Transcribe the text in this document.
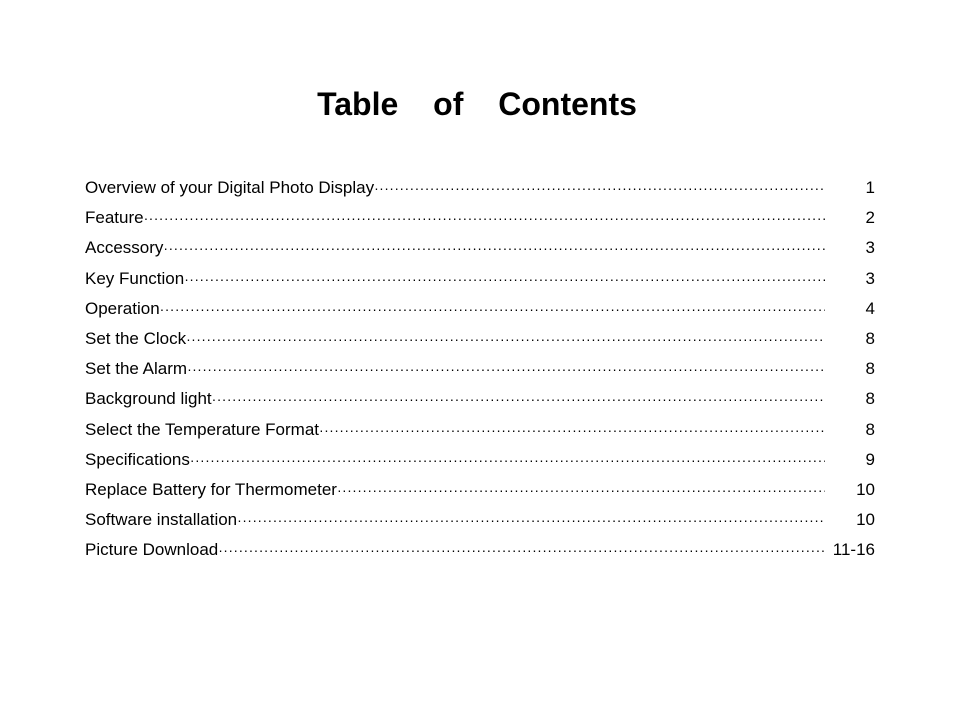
Table of Contents
Overview of your Digital Photo Display ·····	1
Feature ·····	2
Accessory ·····	3
Key Function ·····	3
Operation ·····	4
Set the Clock ·····	8
Set the Alarm ·····	8
Background light ·····	8
Select the Temperature Format ·····	8
Specifications ·····	9
Replace Battery for Thermometer ·····	10
Software installation ·····	10
Picture Download ·····	11-16
